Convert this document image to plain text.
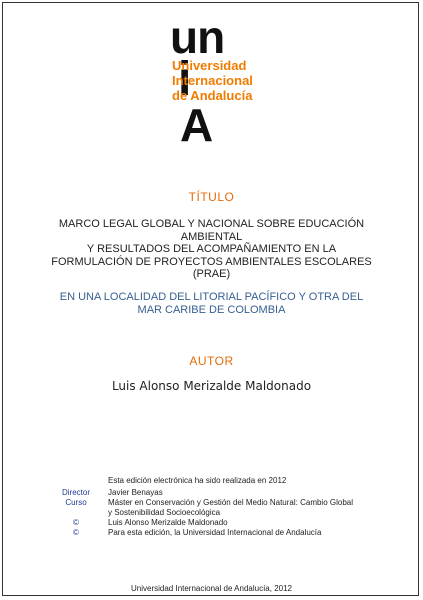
un
i
A
Universidad
Internacional
de Andalucía
TÍTULO
MARCO LEGAL GLOBAL Y NACIONAL SOBRE EDUCACIÓN
AMBIENTAL
Y RESULTADOS DEL ACOMPAÑAMIENTO EN LA
FORMULACIÓN DE PROYECTOS AMBIENTALES ESCOLARES
(PRAE)
EN UNA LOCALIDAD DEL LITORIAL PACÍFICO Y OTRA DEL
MAR CARIBE DE COLOMBIA
AUTOR
Luis Alonso Merizalde Maldonado
Esta edición electrónica ha sido realizada en 2012
Director	Javier Benayas
Curso	Máster en Conservación y Gestión del Medio Natural: Cambio Global
y Sostenibilidad Socioecológica
©	Luis Alonso Merizalde Maldonado
©	Para esta edición, la Universidad Internacional de Andalucía
Universidad Internacional de Andalucía, 2012
